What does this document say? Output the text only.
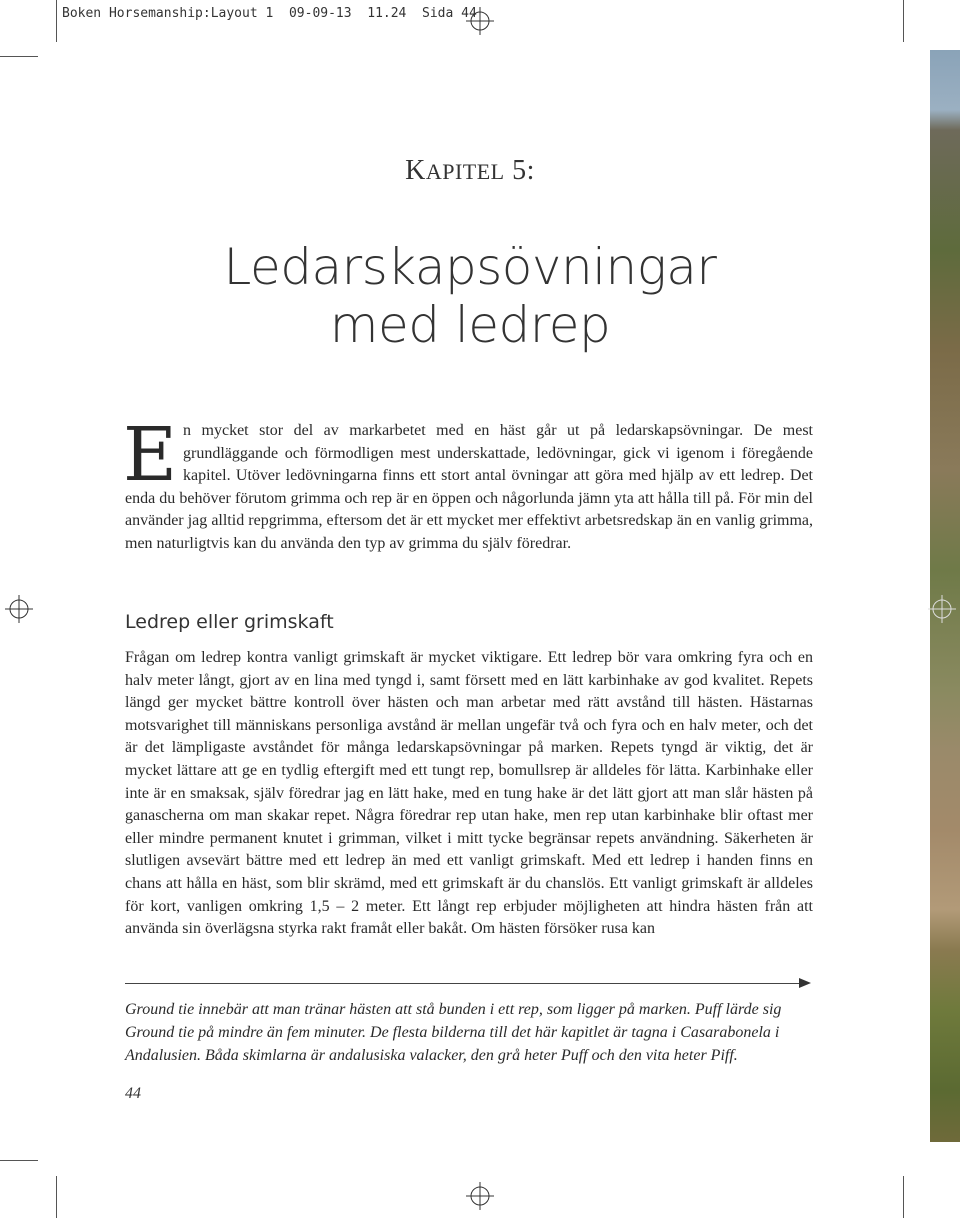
Boken Horsemanship:Layout 1  09-09-13  11.24  Sida 44
KAPITEL 5:
Ledarskapsövningar
med ledrep
En mycket stor del av markarbetet med en häst går ut på ledarskapsövningar. De mest grundläggande och förmodligen mest underskattade, ledövningar, gick vi igenom i föregående kapitel. Utöver ledövningarna finns ett stort antal övningar att göra med hjälp av ett ledrep. Det enda du behöver förutom grimma och rep är en öppen och någorlunda jämn yta att hålla till på. För min del använder jag alltid repgrimma, eftersom det är ett mycket mer effektivt arbetsredskap än en vanlig grimma, men naturligtvis kan du använda den typ av grimma du själv föredrar.
Ledrep eller grimskaft
Frågan om ledrep kontra vanligt grimskaft är mycket viktigare. Ett ledrep bör vara omkring fyra och en halv meter långt, gjort av en lina med tyngd i, samt försett med en lätt karbinhake av god kvalitet. Repets längd ger mycket bättre kontroll över hästen och man arbetar med rätt avstånd till hästen. Hästarnas motsvarighet till människans personliga avstånd är mellan ungefär två och fyra och en halv meter, och det är det lämpligaste avståndet för många ledarskapsövningar på marken. Repets tyngd är viktig, det är mycket lättare att ge en tydlig eftergift med ett tungt rep, bomullsrep är alldeles för lätta. Karbinhake eller inte är en smaksak, själv föredrar jag en lätt hake, med en tung hake är det lätt gjort att man slår hästen på ganascherna om man skakar repet. Några föredrar rep utan hake, men rep utan karbinhake blir oftast mer eller mindre permanent knutet i grimman, vilket i mitt tycke begränsar repets användning. Säkerheten är slutligen avsevärt bättre med ett ledrep än med ett vanligt grimskaft. Med ett ledrep i handen finns en chans att hålla en häst, som blir skrämd, med ett grimskaft är du chanslös. Ett vanligt grimskaft är alldeles för kort, vanligen omkring 1,5 – 2 meter. Ett långt rep erbjuder möjligheten att hindra hästen från att använda sin överlägsna styrka rakt framåt eller bakåt. Om hästen försöker rusa kan
Ground tie innebär att man tränar hästen att stå bunden i ett rep, som ligger på marken. Puff lärde sig Ground tie på mindre än fem minuter. De flesta bilderna till det här kapitlet är tagna i Casarabonela i Andalusien. Båda skimlarna är andalusiska valacker, den grå heter Puff och den vita heter Piff.
44
